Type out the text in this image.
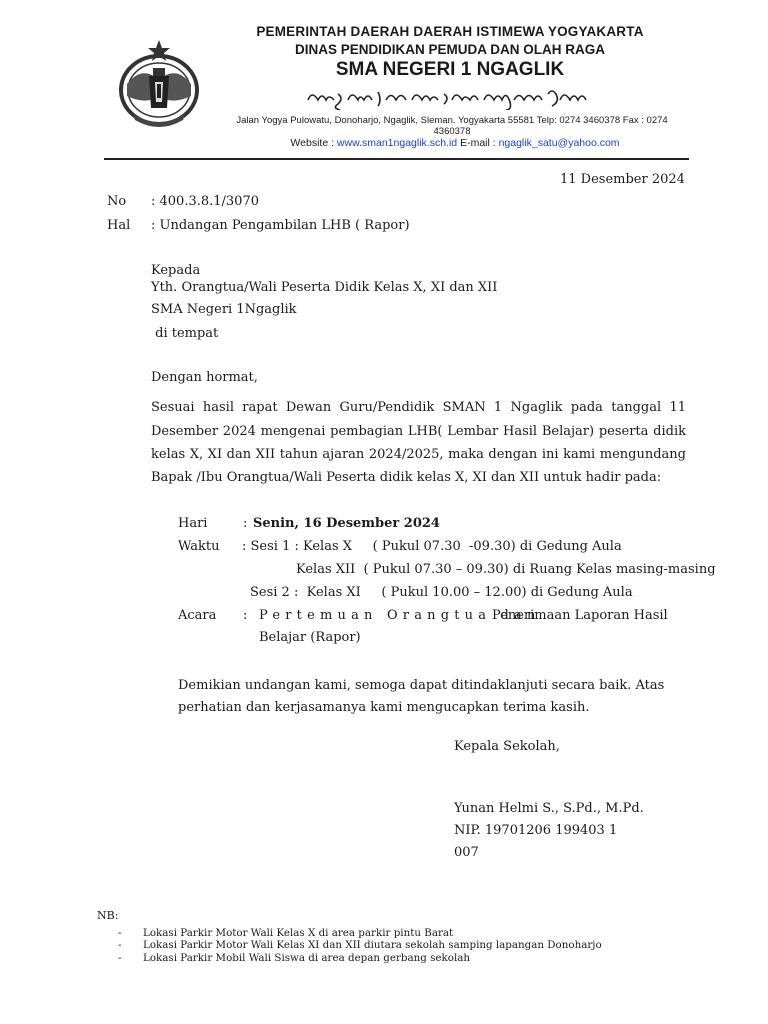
PEMERINTAH DAERAH DAERAH ISTIMEWA YOGYAKARTA
DINAS PENDIDIKAN PEMUDA DAN OLAH RAGA
SMA NEGERI 1 NGAGLIK
Jalan Yogya Pulowatu, Donoharjo, Ngaglik, Sleman. Yogyakarta 55581 Telp: 0274 3460378 Fax : 0274 4360378
Website : www.sman1ngaglik.sch.id E-mail : ngaglik_satu@yahoo.com
11 Desember 2024
No : 400.3.8.1/3070
Hal : Undangan Pengambilan LHB ( Rapor)
Kepada
Yth. Orangtua/Wali Peserta Didik Kelas X, XI dan XII
SMA Negeri 1Ngaglik
di tempat
Dengan hormat,
Sesuai hasil rapat Dewan Guru/Pendidik SMAN 1 Ngaglik pada tanggal 11
Desember 2024 mengenai pembagian LHB( Lembar Hasil Belajar) peserta didik
kelas X, XI dan XII tahun ajaran 2024/2025, maka dengan ini kami mengundang
Bapak /Ibu Orangtua/Wali Peserta didik kelas X, XI dan XII untuk hadir pada:
Hari	: Senin, 16 Desember 2024
Waktu : Sesi 1 : Kelas X     ( Pukul 07.30  -09.30) di Gedung Aula
Kelas XII  ( Pukul 07.30 – 09.30) di Ruang Kelas masing-masing
Sesi 2 :  Kelas XI     ( Pukul 10.00 – 12.00) di Gedung Aula
Acara : Pertemuan Orangtua dan
Penerimaan Laporan Hasil
Belajar (Rapor)
Demikian undangan kami, semoga dapat ditindaklanjuti secara baik. Atas
perhatian dan kerjasamanya kami mengucapkan terima kasih.
Kepala Sekolah,
Yunan Helmi S., S.Pd., M.Pd.
NIP. 19701206 199403 1
007
NB:
- Lokasi Parkir Motor Wali Kelas X di area parkir pintu Barat
- Lokasi Parkir Motor Wali Kelas XI dan XII diutara sekolah samping lapangan Donoharjo
- Lokasi Parkir Mobil Wali Siswa di area depan gerbang sekolah
